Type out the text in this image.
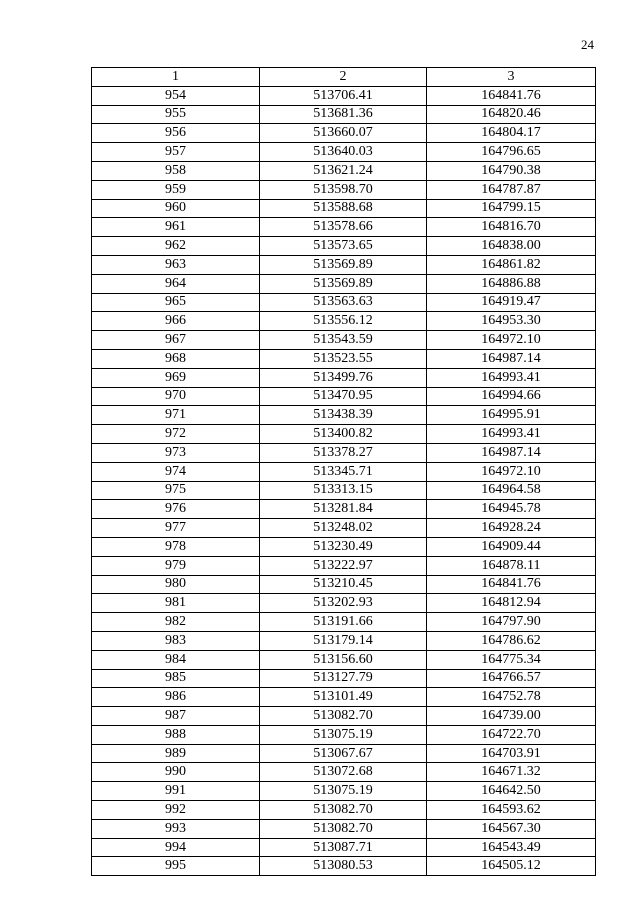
24
1	2	3
954	513706.41	164841.76
955	513681.36	164820.46
956	513660.07	164804.17
957	513640.03	164796.65
958	513621.24	164790.38
959	513598.70	164787.87
960	513588.68	164799.15
961	513578.66	164816.70
962	513573.65	164838.00
963	513569.89	164861.82
964	513569.89	164886.88
965	513563.63	164919.47
966	513556.12	164953.30
967	513543.59	164972.10
968	513523.55	164987.14
969	513499.76	164993.41
970	513470.95	164994.66
971	513438.39	164995.91
972	513400.82	164993.41
973	513378.27	164987.14
974	513345.71	164972.10
975	513313.15	164964.58
976	513281.84	164945.78
977	513248.02	164928.24
978	513230.49	164909.44
979	513222.97	164878.11
980	513210.45	164841.76
981	513202.93	164812.94
982	513191.66	164797.90
983	513179.14	164786.62
984	513156.60	164775.34
985	513127.79	164766.57
986	513101.49	164752.78
987	513082.70	164739.00
988	513075.19	164722.70
989	513067.67	164703.91
990	513072.68	164671.32
991	513075.19	164642.50
992	513082.70	164593.62
993	513082.70	164567.30
994	513087.71	164543.49
995	513080.53	164505.12
